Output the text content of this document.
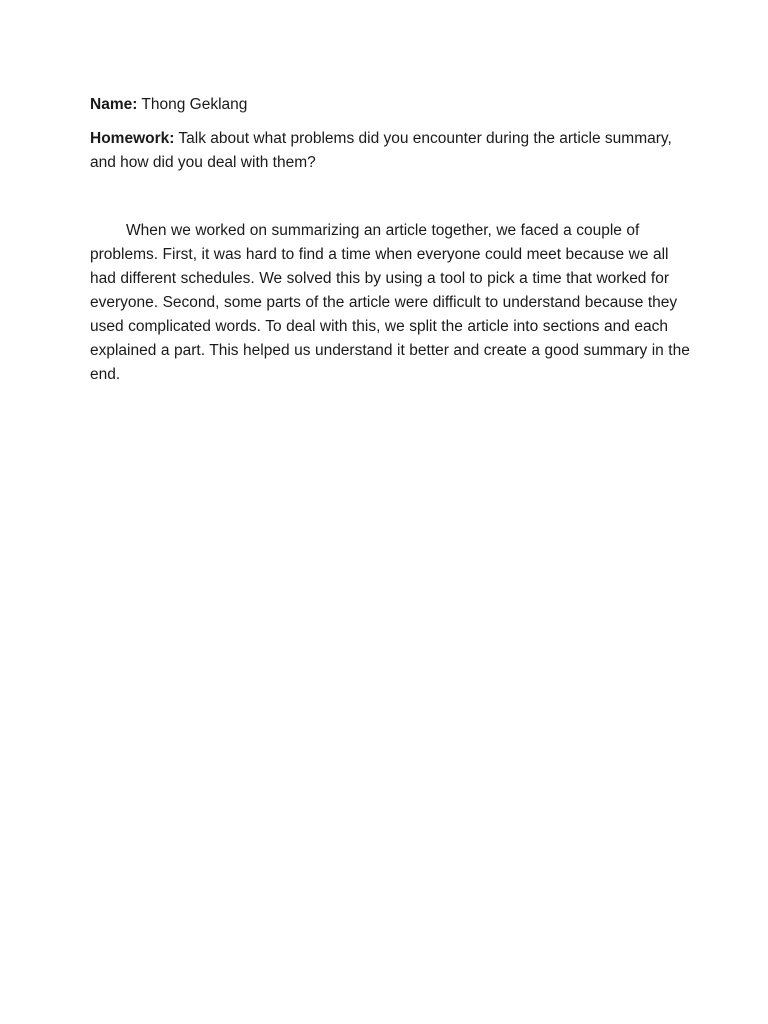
Name: Thong Geklang

Homework: Talk about what problems did you encounter during the article summary, and how did you deal with them?

When we worked on summarizing an article together, we faced a couple of problems. First, it was hard to find a time when everyone could meet because we all had different schedules. We solved this by using a tool to pick a time that worked for everyone. Second, some parts of the article were difficult to understand because they used complicated words. To deal with this, we split the article into sections and each explained a part. This helped us understand it better and create a good summary in the end.
